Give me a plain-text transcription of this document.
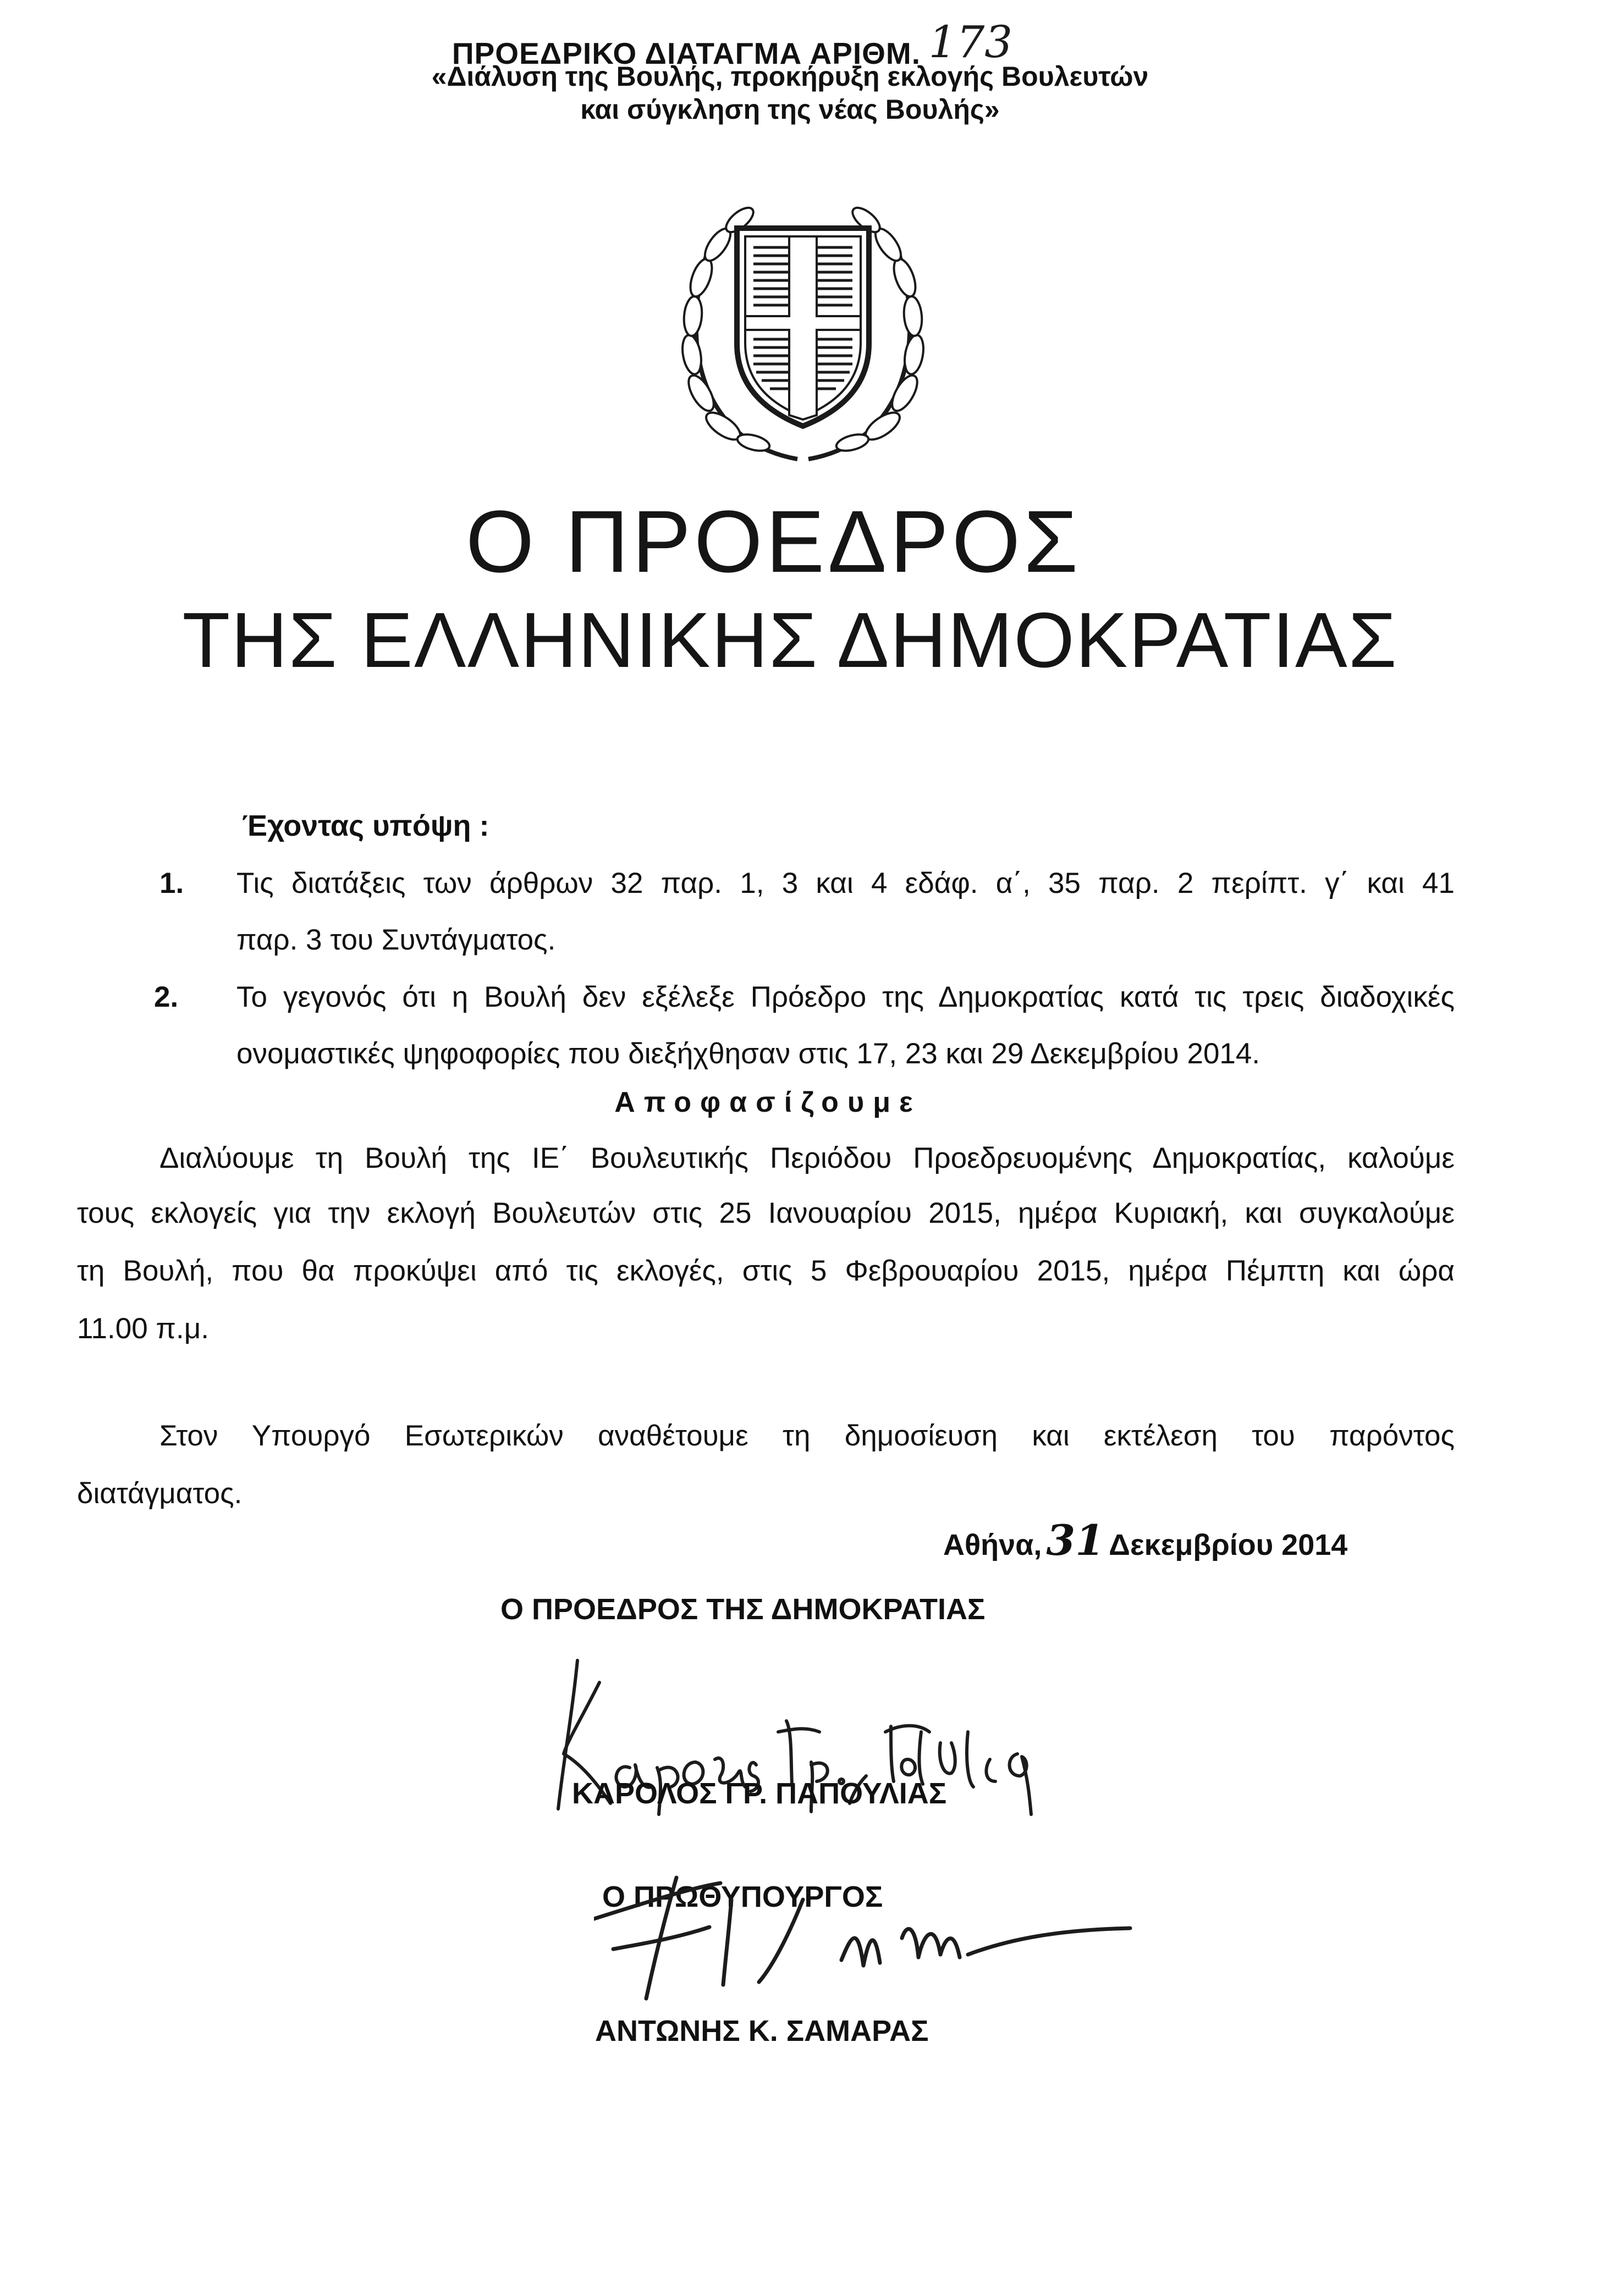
ΠΡΟΕΔΡΙΚΟ ΔΙΑΤΑΓΜΑ ΑΡΙΘΜ. 173
«Διάλυση της Βουλής, προκήρυξη εκλογής Βουλευτών
και σύγκληση της νέας Βουλής»
Ο ΠΡΟΕΔΡΟΣ
ΤΗΣ ΕΛΛΗΝΙΚΗΣ ΔΗΜΟΚΡΑΤΙΑΣ
Έχοντας υπόψη :
1. Τις διατάξεις των άρθρων 32 παρ. 1, 3 και 4 εδάφ. α΄, 35 παρ. 2 περίπτ. γ΄ και 41
παρ. 3 του Συντάγματος.
2. Το γεγονός ότι η Βουλή δεν εξέλεξε Πρόεδρο της Δημοκρατίας κατά τις τρεις διαδοχικές
ονομαστικές ψηφοφορίες που διεξήχθησαν στις 17, 23 και 29 Δεκεμβρίου 2014.
Αποφασίζουμε
Διαλύουμε τη Βουλή της ΙΕ΄ Βουλευτικής Περιόδου Προεδρευομένης Δημοκρατίας, καλούμε
τους εκλογείς για την εκλογή Βουλευτών στις 25 Ιανουαρίου 2015, ημέρα Κυριακή, και συγκαλούμε
τη Βουλή, που θα προκύψει από τις εκλογές, στις 5 Φεβρουαρίου 2015, ημέρα Πέμπτη και ώρα
11.00 π.μ.
Στον Υπουργό Εσωτερικών αναθέτουμε τη δημοσίευση και εκτέλεση του παρόντος
διατάγματος.
Αθήνα, 31 Δεκεμβρίου 2014
Ο ΠΡΟΕΔΡΟΣ ΤΗΣ ΔΗΜΟΚΡΑΤΙΑΣ
ΚΑΡΟΛΟΣ ΓΡ. ΠΑΠΟΥΛΙΑΣ
Ο ΠΡΩΘΥΠΟΥΡΓΟΣ
ΑΝΤΩΝΗΣ Κ. ΣΑΜΑΡΑΣ
